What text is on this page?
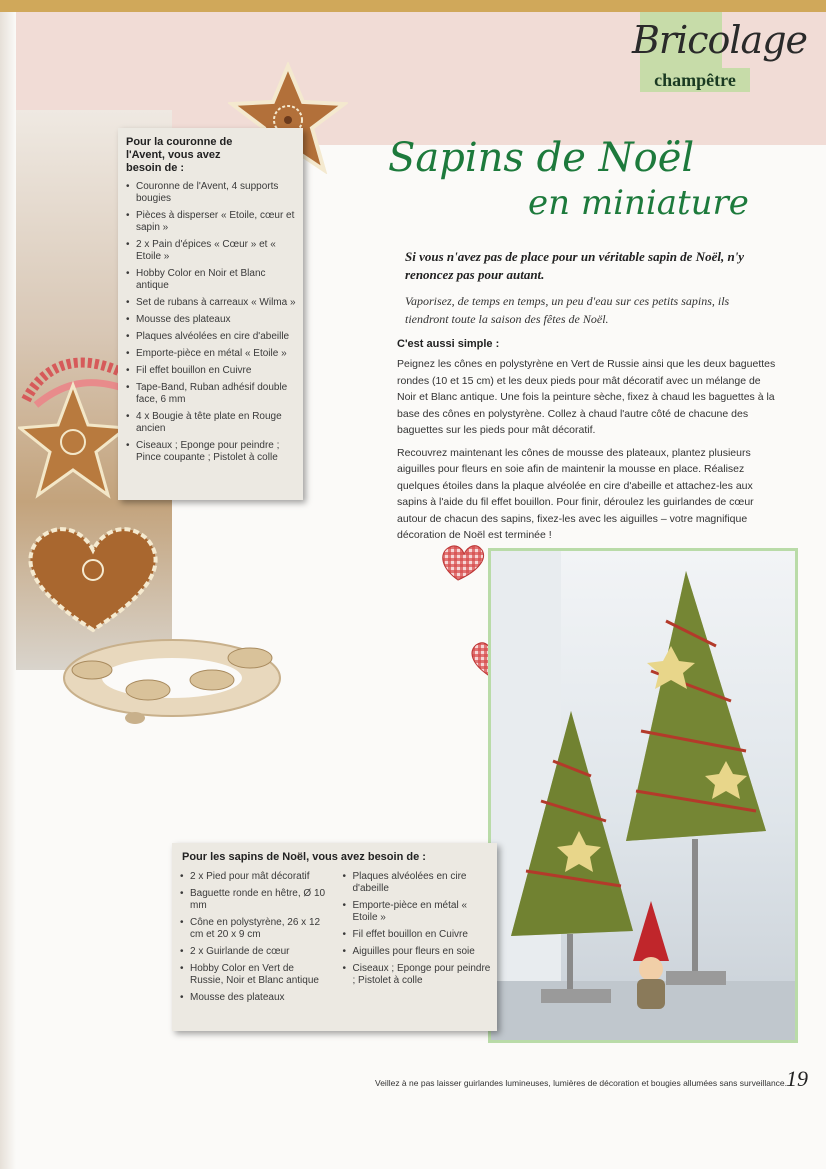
Bricolage
champêtre
Pour la couronne de l'Avent, vous avez besoin de :
• Couronne de l'Avent, 4 supports bougies
• Pièces à disperser « Etoile, cœur et sapin »
• 2 x Pain d'épices « Cœur » et « Etoile »
• Hobby Color en Noir et Blanc antique
• Set de rubans à carreaux « Wilma »
• Mousse des plateaux
• Plaques alvéolées en cire d'abeille
• Emporte-pièce en métal « Etoile »
• Fil effet bouillon en Cuivre
• Tape-Band, Ruban adhésif double face, 6 mm
• 4 x Bougie à tête plate en Rouge ancien
• Ciseaux ; Eponge pour peindre ; Pince coupante ; Pistolet à colle
Sapins de Noël
en miniature
Si vous n'avez pas de place pour un véritable sapin de Noël, n'y renoncez pas pour autant.
Vaporisez, de temps en temps, un peu d'eau sur ces petits sapins, ils tiendront toute la saison des fêtes de Noël.
C'est aussi simple :

Peignez les cônes en polystyrène en Vert de Russie ainsi que les deux baguettes rondes (10 et 15 cm) et les deux pieds pour mât décoratif avec un mélange de Noir et Blanc antique. Une fois la peinture sèche, fixez à chaud les baguettes à la base des cônes en polystyrène. Collez à chaud l'autre côté de chacune des baguettes sur les pieds pour mât décoratif.

Recouvrez maintenant les cônes de mousse des plateaux, plantez plusieurs aiguilles pour fleurs en soie afin de maintenir la mousse en place. Réalisez quelques étoiles dans la plaque alvéolée en cire d'abeille et attachez-les aux sapins à l'aide du fil effet bouillon. Pour finir, déroulez les guirlandes de cœur autour de chacun des sapins, fixez-les avec les aiguilles – votre magnifique décoration de Noël est terminée !

Pour les sapins de Noël, vous avez besoin de :
• 2 x Pied pour mât décoratif
• Baguette ronde en hêtre, Ø 10 mm
• Cône en polystyrène, 26 x 12 cm et 20 x 9 cm
• 2 x Guirlande de cœur
• Hobby Color en Vert de Russie, Noir et Blanc antique
• Mousse des plateaux
• Plaques alvéolées en cire d'abeille
• Emporte-pièce en métal « Etoile »
• Fil effet bouillon en Cuivre
• Aiguilles pour fleurs en soie
• Ciseaux ; Eponge pour peindre ; Pistolet à colle
Veillez à ne pas laisser guirlandes lumineuses, lumières de décoration et bougies allumées sans surveillance.
19
